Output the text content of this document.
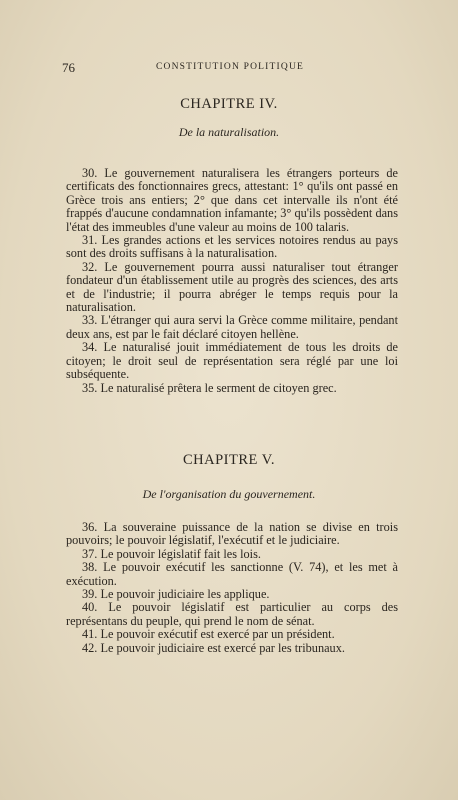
76	CONSTITUTION POLITIQUE
CHAPITRE IV.
De la naturalisation.

30. Le gouvernement naturalisera les étrangers porteurs de certificats des fonctionnaires grecs, attestant: 1° qu'ils ont passé en Grèce trois ans entiers; 2° que dans cet intervalle ils n'ont été frappés d'aucune condamnation infamante; 3° qu'ils possèdent dans l'état des immeubles d'une valeur au moins de 100 talaris.

31. Les grandes actions et les services notoires rendus au pays sont des droits suffisans à la naturalisation.

32. Le gouvernement pourra aussi naturaliser tout étranger fondateur d'un établissement utile au progrès des sciences, des arts et de l'industrie; il pourra abréger le temps requis pour la naturalisation.

33. L'étranger qui aura servi la Grèce comme militaire, pendant deux ans, est par le fait déclaré citoyen hellène.

34. Le naturalisé jouit immédiatement de tous les droits de citoyen; le droit seul de représentation sera réglé par une loi subséquente.

35. Le naturalisé prêtera le serment de citoyen grec.

CHAPITRE V.
De l'organisation du gouvernement.

36. La souveraine puissance de la nation se divise en trois pouvoirs; le pouvoir législatif, l'exécutif et le judiciaire.

37. Le pouvoir législatif fait les lois.

38. Le pouvoir exécutif les sanctionne (V. 74), et les met à exécution.

39. Le pouvoir judiciaire les applique.

40. Le pouvoir législatif est particulier au corps des représentans du peuple, qui prend le nom de sénat.

41. Le pouvoir exécutif est exercé par un président.

42. Le pouvoir judiciaire est exercé par les tribunaux.
